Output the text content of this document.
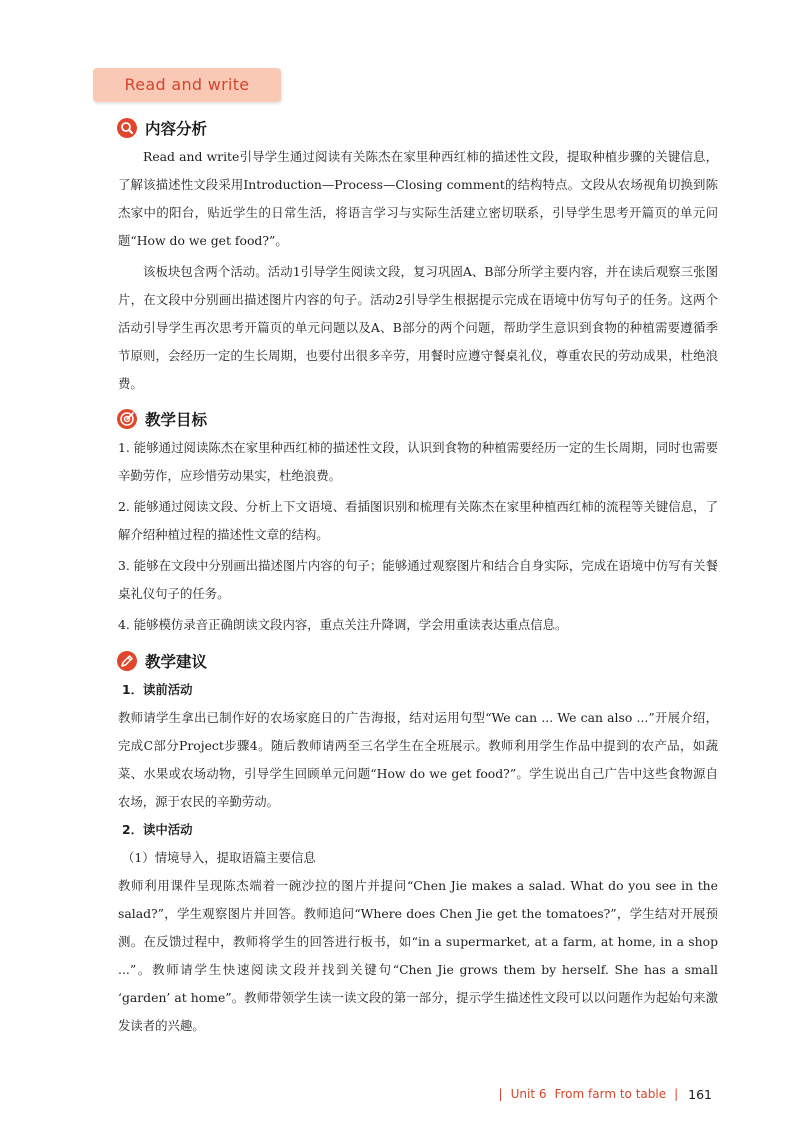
Read and write
内容分析

Read and write引导学生通过阅读有关陈杰在家里种西红柿的描述性文段，提取种植步骤的关键信息，了解该描述性文段采用Introduction—Process—Closing comment的结构特点。文段从农场视角切换到陈杰家中的阳台，贴近学生的日常生活，将语言学习与实际生活建立密切联系，引导学生思考开篇页的单元问题“How do we get food?”。

该板块包含两个活动。活动1引导学生阅读文段，复习巩固A、B部分所学主要内容，并在读后观察三张图片，在文段中分别画出描述图片内容的句子。活动2引导学生根据提示完成在语境中仿写句子的任务。这两个活动引导学生再次思考开篇页的单元问题以及A、B部分的两个问题，帮助学生意识到食物的种植需要遵循季节原则，会经历一定的生长周期，也要付出很多辛劳，用餐时应遵守餐桌礼仪，尊重农民的劳动成果，杜绝浪费。

教学目标

1. 能够通过阅读陈杰在家里种西红柿的描述性文段，认识到食物的种植需要经历一定的生长周期，同时也需要辛勤劳作，应珍惜劳动果实，杜绝浪费。

2. 能够通过阅读文段、分析上下文语境、看插图识别和梳理有关陈杰在家里种植西红柿的流程等关键信息，了解介绍种植过程的描述性文章的结构。

3. 能够在文段中分别画出描述图片内容的句子；能够通过观察图片和结合自身实际，完成在语境中仿写有关餐桌礼仪句子的任务。

4. 能够模仿录音正确朗读文段内容，重点关注升降调，学会用重读表达重点信息。

教学建议
1．读前活动

教师请学生拿出已制作好的农场家庭日的广告海报，结对运用句型“We can ... We can also ...”开展介绍，完成C部分Project步骤4。随后教师请两至三名学生在全班展示。教师利用学生作品中提到的农产品，如蔬菜、水果或农场动物，引导学生回顾单元问题“How do we get food?”。学生说出自己广告中这些食物源自农场，源于农民的辛勤劳动。

2．读中活动
（1）情境导入，提取语篇主要信息

教师利用课件呈现陈杰端着一碗沙拉的图片并提问“Chen Jie makes a salad. What do you see in the salad?”，学生观察图片并回答。教师追问“Where does Chen Jie get the tomatoes?”，学生结对开展预测。在反馈过程中，教师将学生的回答进行板书，如“in a supermarket, at a farm, at home, in a shop ...”。教师请学生快速阅读文段并找到关键句“Chen Jie grows them by herself. She has a small ‘garden’ at home”。教师带领学生读一读文段的第一部分，提示学生描述性文段可以以问题作为起始句来激发读者的兴趣。

| Unit 6 From farm to table | 161
